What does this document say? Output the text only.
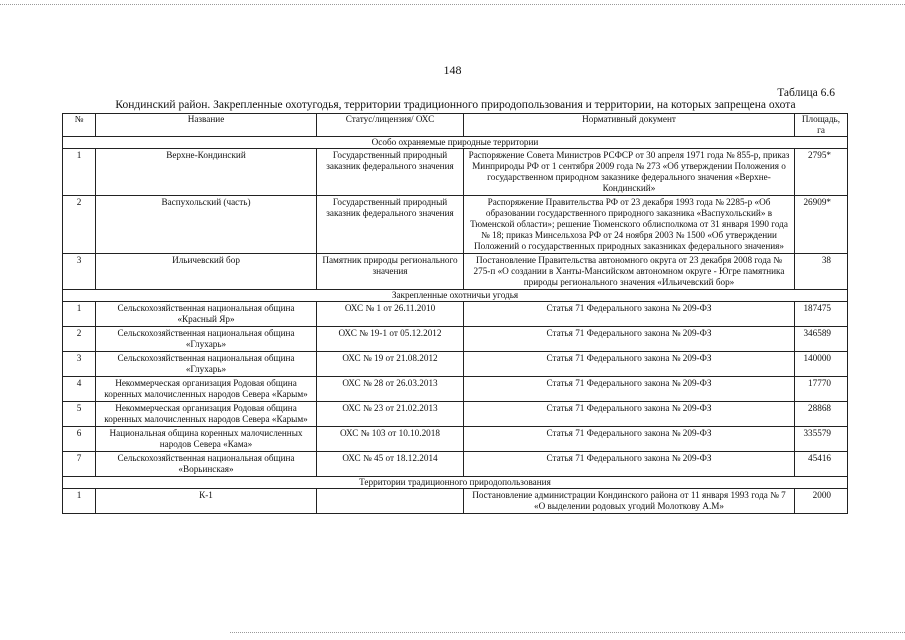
148
Таблица 6.6
Кондинский район. Закрепленные охотугодья, территории традиционного природопользования и территории, на которых запрещена охота
№	Название	Статус/лицензия/ ОХС	Нормативный документ	Площадь, га
Особо охраняемые природные территории				
1	Верхне-Кондинский	Государственный природный заказник федерального значения	Распоряжение Совета Министров РСФСР от 30 апреля 1971 года № 855-р, приказ Минприроды РФ от 1 сентября 2009 года № 273 «Об утверждении Положения о государственном природном заказнике федерального значения «Верхне-Кондинский»	2795*
2	Васпухольский (часть)	Государственный природный заказник федерального значения	Распоряжение Правительства РФ от 23 декабря 1993 года № 2285-р «Об образовании государственного природного заказника «Васпухольский» в Тюменской области»; решение Тюменского облисполкома от 31 января 1990 года № 18; приказ Минсельхоза РФ от 24 ноября 2003 № 1500 «Об утверждении Положений о государственных природных заказниках федерального значения»	26909*
3	Ильичевский бор	Памятник природы регионального значения	Постановление Правительства автономного округа от 23 декабря 2008 года № 275-п «О создании в Ханты-Мансийском автономном округе - Югре памятника природы регионального значения «Ильичевский бор»	38
Закрепленные охотничьи угодья				
1	Сельскохозяйственная национальная община «Красный Яр»	ОХС № 1 от 26.11.2010	Статья 71 Федерального закона № 209-ФЗ	187475
2	Сельскохозяйственная национальная община «Глухарь»	ОХС № 19-1 от 05.12.2012	Статья 71 Федерального закона № 209-ФЗ	346589
3	Сельскохозяйственная национальная община «Глухарь»	ОХС № 19 от 21.08.2012	Статья 71 Федерального закона № 209-ФЗ	140000
4	Некоммерческая организация Родовая община коренных малочисленных народов Севера «Карым»	ОХС № 28 от 26.03.2013	Статья 71 Федерального закона № 209-ФЗ	17770
5	Некоммерческая организация Родовая община коренных малочисленных народов Севера «Карым»	ОХС № 23 от 21.02.2013	Статья 71 Федерального закона № 209-ФЗ	28868
6	Национальная община коренных малочисленных народов Севера «Кама»	ОХС № 103 от 10.10.2018	Статья 71 Федерального закона № 209-ФЗ	335579
7	Сельскохозяйственная национальная община «Ворьинская»	ОХС № 45 от 18.12.2014	Статья 71 Федерального закона № 209-ФЗ	45416
Территории традиционного природопользования				
1	К-1		Постановление администрации Кондинского района от 11 января 1993 года № 7 «О выделении родовых угодий Молоткову А.М»	2000
